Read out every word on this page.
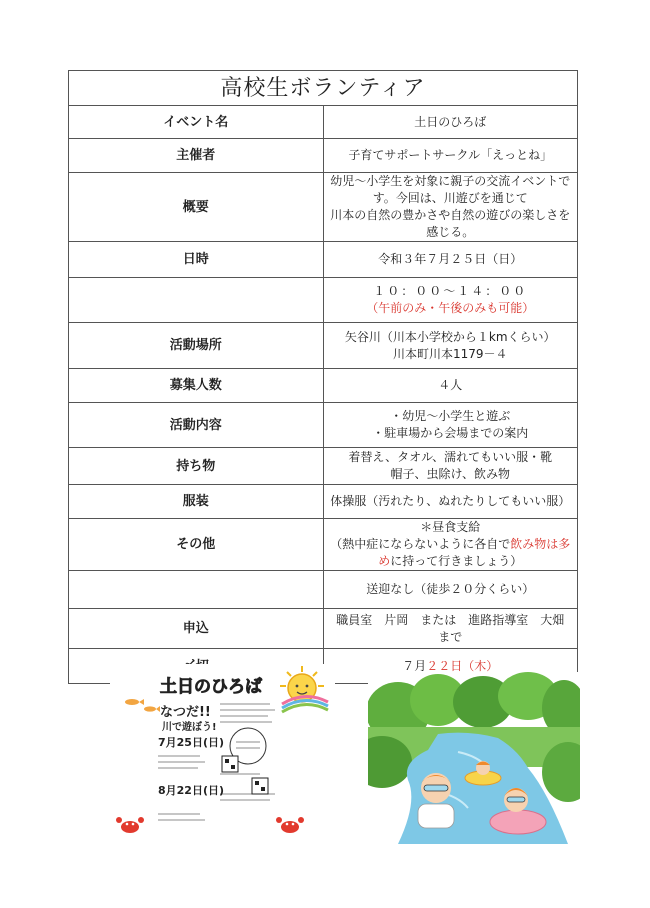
高校生ボランティア	
イベント名	土日のひろば
主催者	子育てサポートサークル「えっとね」
概要	幼児～小学生を対象に親子の交流イベントです。今回は、川遊びを通じて
川本の自然の豊かさや自然の遊びの楽しさを感じる。

日時	令和３年７月２５日（日）

	１０：００～１４：００
（午前のみ・午後のみも可能）

活動場所	矢谷川（川本小学校から１kmくらい）
川本町川本1179－４

募集人数	４人
活動内容	・幼児～小学生と遊ぶ
・駐車場から会場までの案内

持ち物	着替え、タオル、濡れてもいい服・靴
帽子、虫除け、飲み物

服装	体操服（汚れたり、ぬれたりしてもいい服）
その他	＊昼食支給
（熱中症にならないように各自で飲み物は多めに持って行きましょう）

	送迎なし（徒歩２０分くらい）
申込	職員室　片岡　または　進路指導室　大畑　まで
	７月２２日（木）
土日のひろば
なつだ!!
川で遊ぼう!
7月25日(日)
8月22日(日)
